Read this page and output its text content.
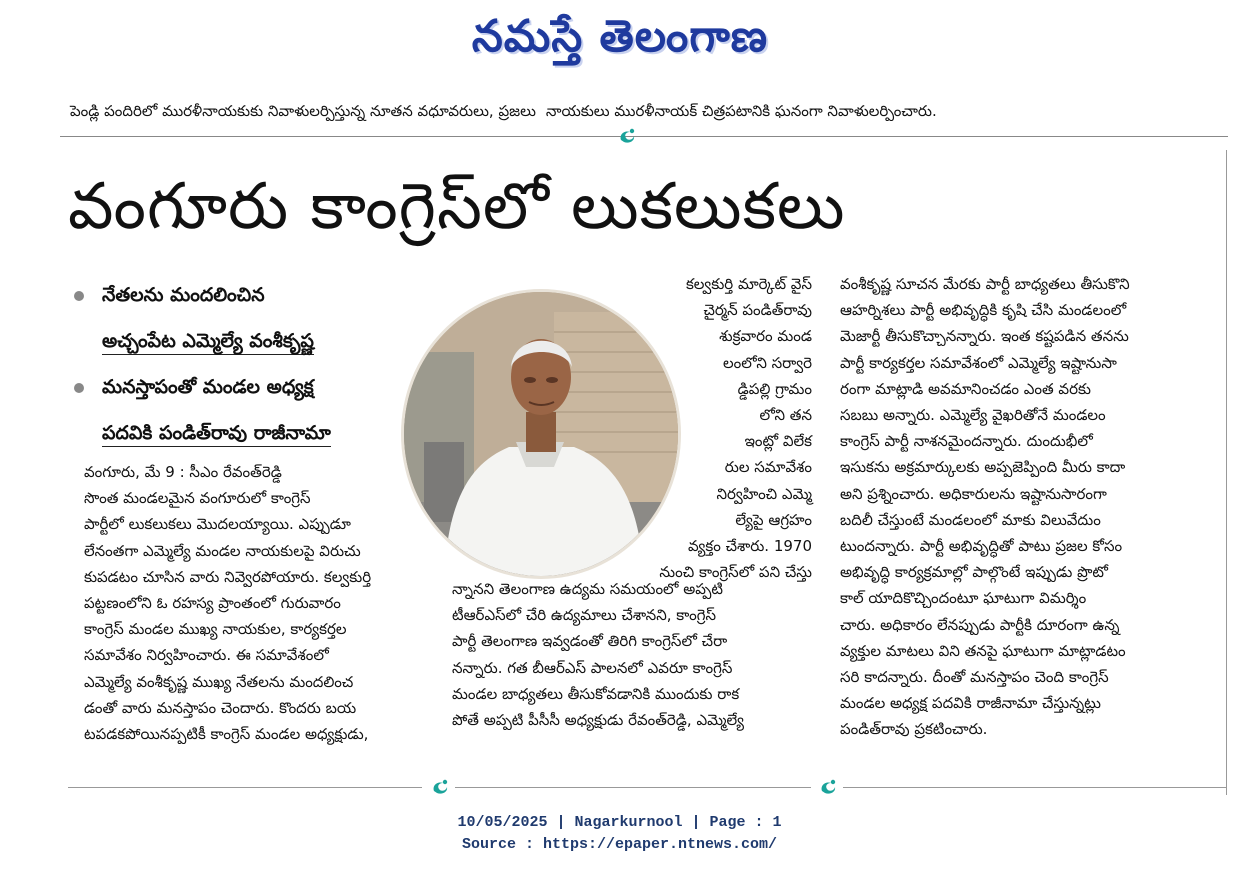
నమస్తే తెలంగాణ
పెండ్లి పందిరిలో మురళీనాయకుకు నివాళులర్పిస్తున్న నూతన వధూవరులు, ప్రజలు నాయకులు మురళీనాయక్ చిత్రపటానికి ఘనంగా నివాళులర్పించారు.
వంగూరు కాంగ్రెస్‌లో లుకలుకలు
నేతలను మందలించిన
అచ్చంపేట ఎమ్మెల్యే వంశీకృష్ణ
మనస్తాపంతో మండల అధ్యక్ష
పదవికి పండిత్‌రావు రాజీనామా
వంగూరు, మే 9 : సీఎం రేవంత్‌రెడ్డి
సొంత మండలమైన వంగూరులో కాంగ్రెస్
పార్టీలో లుకలుకలు మొదలయ్యాయి. ఎప్పుడూ
లేనంతగా ఎమ్మెల్యే మండల నాయకులపై విరుచు
కుపడటం చూసిన వారు నివ్వెరపోయారు. కల్వకుర్తి
పట్టణంలోని ఓ రహస్య ప్రాంతంలో గురువారం
కాంగ్రెస్ మండల ముఖ్య నాయకుల, కార్యకర్తల
సమావేశం నిర్వహించారు. ఈ సమావేశంలో
ఎమ్మెల్యే వంశీకృష్ణ ముఖ్య నేతలను మందలించ
డంతో వారు మనస్తాపం చెందారు. కొందరు బయ
టపడకపోయినప్పటికీ కాంగ్రెస్ మండల అధ్యక్షుడు,
కల్వకుర్తి మార్కెట్ వైస్
చైర్మన్ పండిత్‌రావు
శుక్రవారం మండ
లంలోని సర్వారె
డ్డిపల్లి గ్రామం
లోని తన
ఇంట్లో విలేక
రుల సమావేశం
నిర్వహించి ఎమ్మె
ల్యేపై ఆగ్రహం
వ్యక్తం చేశారు. 1970
నుంచి కాంగ్రెస్‌లో పని చేస్తు
న్నానని తెలంగాణ ఉద్యమ సమయంలో అప్పటి
టీఆర్‌ఎస్‌లో చేరి ఉద్యమాలు చేశానని, కాంగ్రెస్
పార్టీ తెలంగాణ ఇవ్వడంతో తిరిగి కాంగ్రెస్‌లో చేరా
నన్నారు. గత బీఆర్‌ఎస్ పాలనలో ఎవరూ కాంగ్రెస్
మండల బాధ్యతలు తీసుకోవడానికి ముందుకు రాక
పోతే అప్పటి పీసీసీ అధ్యక్షుడు రేవంత్‌రెడ్డి, ఎమ్మెల్యే
వంశీకృష్ణ సూచన మేరకు పార్టీ బాధ్యతలు తీసుకొని
ఆహర్నిశలు పార్టీ అభివృద్ధికి కృషి చేసి మండలంలో
మెజార్టీ తీసుకొచ్చానన్నారు. ఇంత కష్టపడిన తనను
పార్టీ కార్యకర్తల సమావేశంలో ఎమ్మెల్యే ఇష్టానుసా
రంగా మాట్లాడి అవమానించడం ఎంత వరకు
సబబు అన్నారు. ఎమ్మెల్యే వైఖరితోనే మండలం
కాంగ్రెస్ పార్టీ నాశనమైందన్నారు. దుందుభీలో
ఇసుకను అక్రమార్కులకు అప్పజెప్పింది మీరు కాదా
అని ప్రశ్నించారు. అధికారులను ఇష్టానుసారంగా
బదిలీ చేస్తుంటే మండలంలో మాకు విలువేదుం
టుందన్నారు. పార్టీ అభివృద్ధితో పాటు ప్రజల కోసం
అభివృద్ధి కార్యక్రమాల్లో పాల్గొంటే ఇప్పుడు ప్రొటో
కాల్ యాదికొచ్చిందంటూ ఘాటుగా విమర్శిం
చారు. అధికారం లేనప్పుడు పార్టీకి దూరంగా ఉన్న
వ్యక్తుల మాటలు విని తనపై ఘాటుగా మాట్లాడటం
సరి కాదన్నారు. దీంతో మనస్తాపం చెంది కాంగ్రెస్
మండల అధ్యక్ష పదవికి రాజీనామా చేస్తున్నట్లు
పండిత్‌రావు ప్రకటించారు.
10/05/2025 | Nagarkurnool | Page : 1
Source : https://epaper.ntnews.com/
